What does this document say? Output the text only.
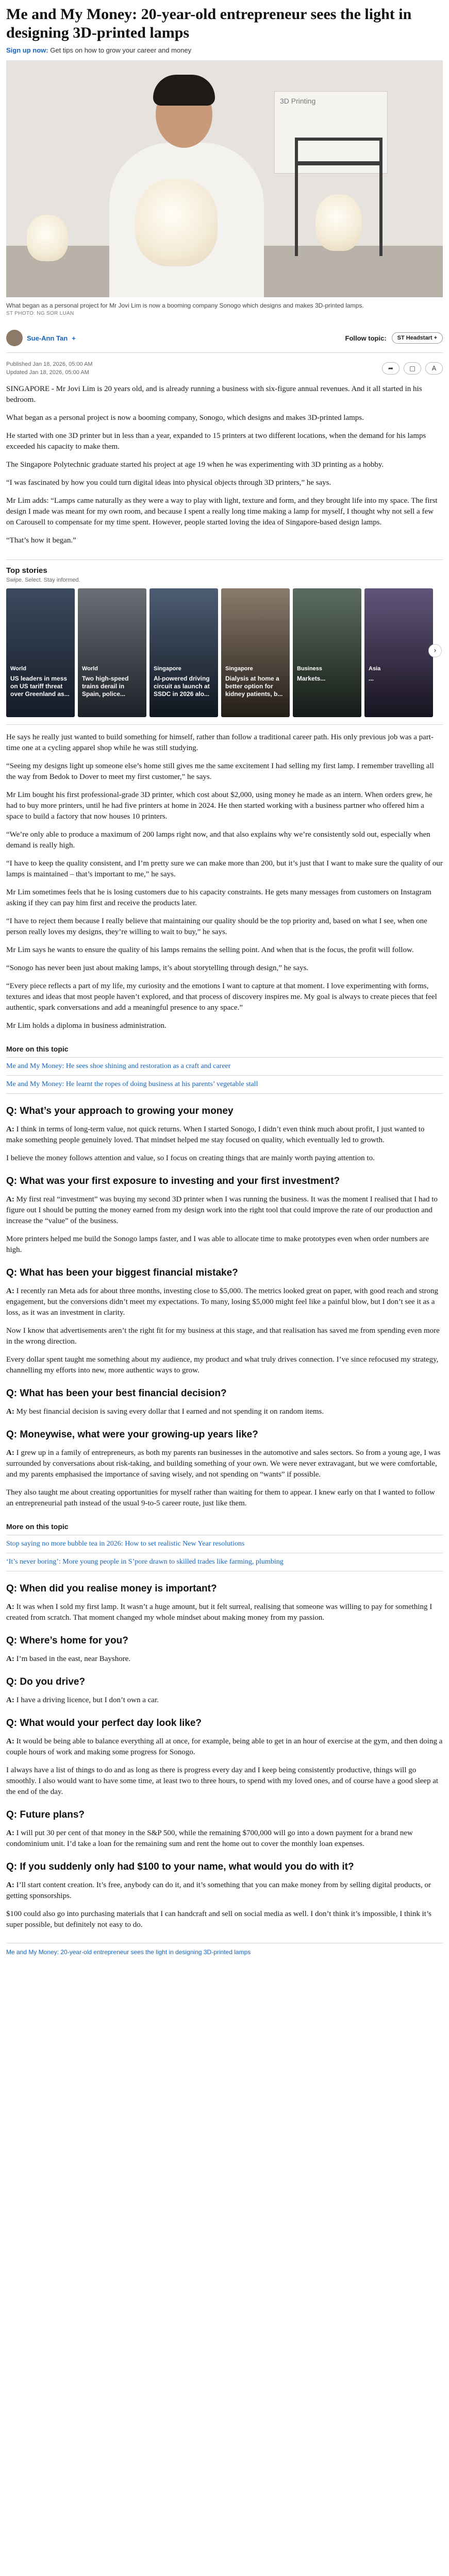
Me and My Money: 20-year-old entrepreneur sees the light in designing 3D-printed lamps
Sign up now: Get tips on how to grow your career and money
3D Printing
What began as a personal project for Mr Jovi Lim is now a booming company Sonogo which designs and makes 3D-printed lamps.
ST PHOTO: NG SOR LUAN
Sue-Ann Tan +	Follow topic:	ST Headstart +
Published Jan 18, 2026, 05:00 AM
Updated Jan 18, 2026, 05:00 AM
➦	□	A

SINGAPORE - Mr Jovi Lim is 20 years old, and is already running a business with six-figure annual revenues. And it all started in his bedroom.

What began as a personal project is now a booming company, Sonogo, which designs and makes 3D-printed lamps.

He started with one 3D printer but in less than a year, expanded to 15 printers at two different locations, when the demand for his lamps exceeded his capacity to make them.

The Singapore Polytechnic graduate started his project at age 19 when he was experimenting with 3D printing as a hobby.

“I was fascinated by how you could turn digital ideas into physical objects through 3D printers,” he says.

Mr Lim adds: “Lamps came naturally as they were a way to play with light, texture and form, and they brought life into my space. The first design I made was meant for my own room, and because I spent a really long time making a lamp for myself, I thought why not sell a few on Carousell to compensate for my time spent. However, people started loving the idea of Singapore-based design lamps.

“That’s how it began.”

Top stories
Swipe. Select. Stay informed.
World
US leaders in mess on US tariff threat over Greenland as...
World
Two high-speed trains derail in Spain, police...
Singapore
AI-powered driving circuit as launch at SSDC in 2026 alo...
Singapore
Dialysis at home a better option for kidney patients, b...
Business
Markets...
Asia
...
›

He says he really just wanted to build something for himself, rather than follow a traditional career path. His only previous job was a part-time one at a cycling apparel shop while he was still studying.

“Seeing my designs light up someone else’s home still gives me the same excitement I had selling my first lamp. I remember travelling all the way from Bedok to Dover to meet my first customer,” he says.

Mr Lim bought his first professional-grade 3D printer, which cost about $2,000, using money he made as an intern. When orders grew, he had to buy more printers, until he had five printers at home in 2024. He then started working with a business partner who offered him a space to build a factory that now houses 10 printers.

“We’re only able to produce a maximum of 200 lamps right now, and that also explains why we’re consistently sold out, especially when demand is really high.

“I have to keep the quality consistent, and I’m pretty sure we can make more than 200, but it’s just that I want to make sure the quality of our lamps is maintained – that’s important to me,” he says.

Mr Lim sometimes feels that he is losing customers due to his capacity constraints. He gets many messages from customers on Instagram asking if they can pay him first and receive the products later.

“I have to reject them because I really believe that maintaining our quality should be the top priority and, based on what I see, when one person really loves my designs, they’re willing to wait to buy,” he says.

Mr Lim says he wants to ensure the quality of his lamps remains the selling point. And when that is the focus, the profit will follow.

“Sonogo has never been just about making lamps, it’s about storytelling through design,” he says.

“Every piece reflects a part of my life, my curiosity and the emotions I want to capture at that moment. I love experimenting with forms, textures and ideas that most people haven’t explored, and that process of discovery inspires me. My goal is always to create pieces that feel authentic, spark conversations and add a meaningful presence to any space.”

Mr Lim holds a diploma in business administration.

More on this topic
Me and My Money: He sees shoe shining and restoration as a craft and career
Me and My Money: He learnt the ropes of doing business at his parents’ vegetable stall
Q: What’s your approach to growing your money

A: I think in terms of long-term value, not quick returns. When I started Sonogo, I didn’t even think much about profit, I just wanted to make something people genuinely loved. That mindset helped me stay focused on quality, which eventually led to growth.

I believe the money follows attention and value, so I focus on creating things that are mainly worth paying attention to.

Q: What was your first exposure to investing and your first investment?

A: My first real “investment” was buying my second 3D printer when I was running the business. It was the moment I realised that I had to figure out I should be putting the money earned from my design work into the right tool that could improve the rate of our production and increase the “value” of the business.

More printers helped me build the Sonogo lamps faster, and I was able to allocate time to make prototypes even when order numbers are high.

Q: What has been your biggest financial mistake?

A: I recently ran Meta ads for about three months, investing close to $5,000. The metrics looked great on paper, with good reach and strong engagement, but the conversions didn’t meet my expectations. To many, losing $5,000 might feel like a painful blow, but I don’t see it as a loss, as it was an investment in clarity.

Now I know that advertisements aren’t the right fit for my business at this stage, and that realisation has saved me from spending even more in the wrong direction.

Every dollar spent taught me something about my audience, my product and what truly drives connection. I’ve since refocused my strategy, channelling my efforts into new, more authentic ways to grow.

Q: What has been your best financial decision?

A: My best financial decision is saving every dollar that I earned and not spending it on random items.

Q: Moneywise, what were your growing-up years like?

A: I grew up in a family of entrepreneurs, as both my parents ran businesses in the automotive and sales sectors. So from a young age, I was surrounded by conversations about risk-taking, and building something of your own. We were never extravagant, but we were comfortable, and my parents emphasised the importance of saving wisely, and not spending on “wants” if possible.

They also taught me about creating opportunities for myself rather than waiting for them to appear. I knew early on that I wanted to follow an entrepreneurial path instead of the usual 9-to-5 career route, just like them.

More on this topic
Stop saying no more bubble tea in 2026: How to set realistic New Year resolutions
‘It’s never boring’: More young people in S’pore drawn to skilled trades like farming, plumbing
Q: When did you realise money is important?

A: It was when I sold my first lamp. It wasn’t a huge amount, but it felt surreal, realising that someone was willing to pay for something I created from scratch. That moment changed my whole mindset about making money from my passion.

Q: Where’s home for you?

A: I’m based in the east, near Bayshore.

Q: Do you drive?

A: I have a driving licence, but I don’t own a car.

Q: What would your perfect day look like?

A: It would be being able to balance everything all at once, for example, being able to get in an hour of exercise at the gym, and then doing a couple hours of work and making some progress for Sonogo.

I always have a list of things to do and as long as there is progress every day and I keep being consistently productive, things will go smoothly. I also would want to have some time, at least two to three hours, to spend with my loved ones, and of course have a good sleep at the end of the day.

Q: Future plans?

A: I will put 30 per cent of that money in the S&P 500, while the remaining $700,000 will go into a down payment for a brand new condominium unit. I’d take a loan for the remaining sum and rent the home out to cover the monthly loan expenses.

Q: If you suddenly only had $100 to your name, what would you do with it?

A: I’ll start content creation. It’s free, anybody can do it, and it’s something that you can make money from by selling digital products, or getting sponsorships.

$100 could also go into purchasing materials that I can handcraft and sell on social media as well. I don’t think it’s impossible, I think it’s super possible, but definitely not easy to do.

Me and My Money: 20-year-old entrepreneur sees the light in designing 3D-printed lamps
